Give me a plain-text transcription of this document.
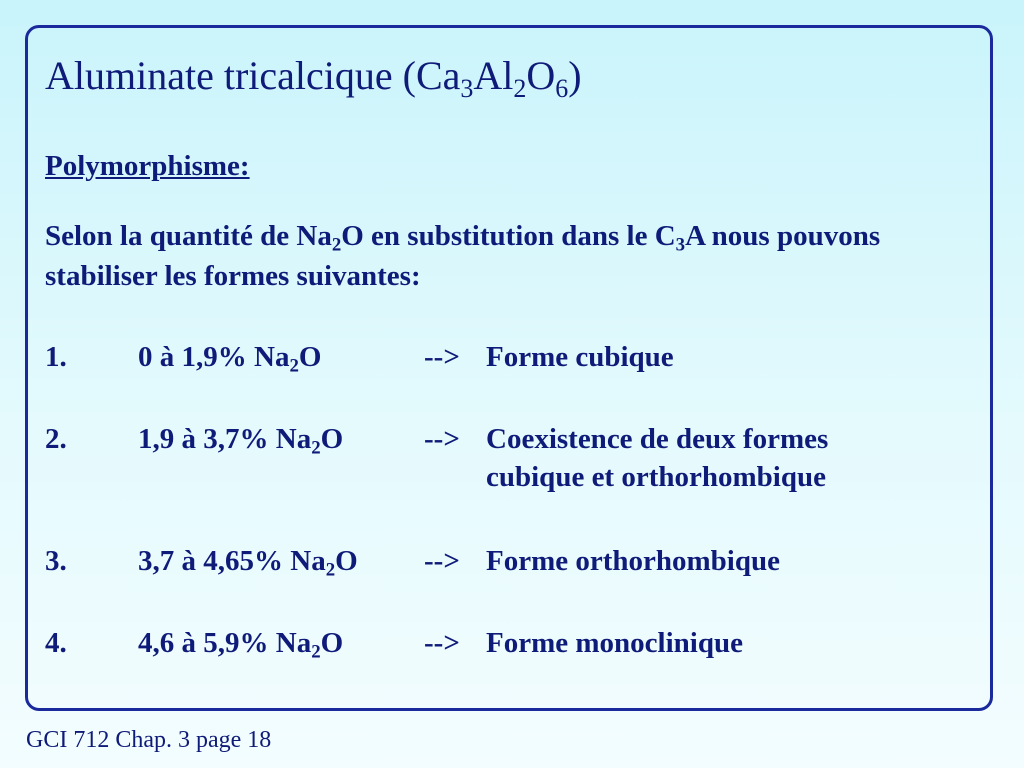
Aluminate tricalcique $(Ca_3Al_2O_6)$
Polymorphisme:
Selon la quantité de $Na_2O$ en substitution dans le $C_3A$ nous pouvons stabiliser les formes suivantes:
1. 0 à 1,9% $Na_2O$	--> Forme cubique
2. 1,9 à 3,7% $Na_2O$	--> Coexistence de deux formes cubique et orthorhombique
3. 3,7 à 4,65% $Na_2O$ --> Forme orthorhombique
4. 4,6 à 5,9% $Na_2O$	--> Forme monoclinique
GCI 712 Chap. 3 page 18
